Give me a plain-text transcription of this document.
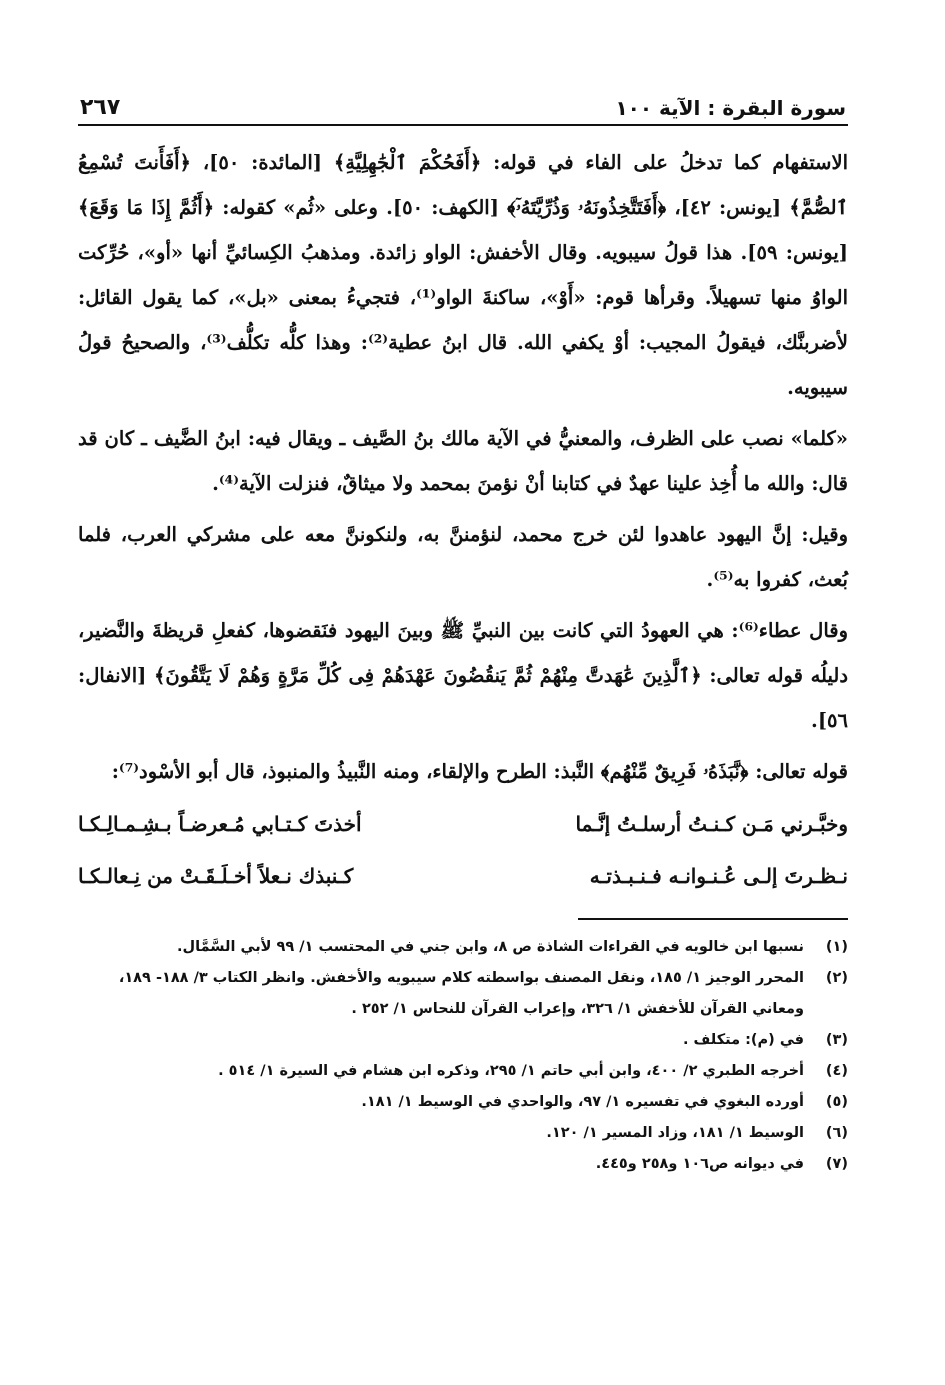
سورة البقرة : الآية ١٠٠
٢٦٧

الاستفهام كما تدخلُ على الفاء في قوله: ﴿أَفَحُكْمَ ٱلْجَٰهِلِيَّةِ﴾ [المائدة: ٥٠]، ﴿أَفَأَنتَ تُسْمِعُ ٱلصُّمَّ﴾ [يونس: ٤٢]، ﴿أَفَتَتَّخِذُونَهُۥ وَذُرِّيَّتَهُۥٓ﴾ [الكهف: ٥٠]. وعلى «ثُم» كقوله: ﴿أَثُمَّ إِذَا مَا وَقَعَ﴾ [يونس: ٥٩]. هذا قولُ سيبويه. وقال الأخفش: الواو زائدة. ومذهبُ الكِسائيِّ أنها «أو»، حُرِّكت الواوُ منها تسهيلاً. وقرأها قوم: «أَوْ»، ساكنةَ الواو⁽¹⁾، فتجيءُ بمعنى «بل»، كما يقول القائل: لأضربنَّك، فيقولُ المجيب: أوْ يكفي الله. قال ابنُ عطية⁽²⁾: وهذا كلُّه تكلُّف⁽³⁾، والصحيحُ قولُ سيبويه.

«كلما» نصب على الظرف، والمعنيُّ في الآية مالك بنُ الصَّيف ـ ويقال فيه: ابنُ الضَّيف ـ كان قد قال: والله ما أُخِذ علينا عهدٌ في كتابنا أنْ نؤمنَ بمحمد ولا ميثاقٌ، فنزلت الآية⁽⁴⁾.

وقيل: إنَّ اليهود عاهدوا لئن خرج محمد، لنؤمننَّ به، ولنكوننَّ معه على مشركي العرب، فلما بُعث، كفروا به⁽⁵⁾.

وقال عطاء⁽⁶⁾: هي العهودُ التي كانت بين النبيِّ ﷺ وبينَ اليهود فنَقضوها، كفعلِ قريظةَ والنَّضير، دليلُه قوله تعالى: ﴿ٱلَّذِينَ عَٰهَدتَّ مِنْهُمْ ثُمَّ يَنقُضُونَ عَهْدَهُمْ فِى كُلِّ مَرَّةٍ وَهُمْ لَا يَتَّقُونَ﴾ [الانفال: ٥٦].

قوله تعالى: ﴿نَّبَذَهُۥ فَرِيقٌ مِّنْهُم﴾ النَّبذ: الطرح والإلقاء، ومنه النَّبيذُ والمنبوذ، قال أبو الأسْود⁽⁷⁾:

وخبَّـرني مَـن كـنـتُ أرسلـتُ إنَّـما
أخذتَ كـتـابي مُـعرضـاً بـشِـمـالِـكـا
نـظـرتَ إلـى عُـنـوانـه فـنـبـذتـه
كـنبذك نـعلاً أخـلَـقَـتْ من نِـعالـكـا
(١)
نسبها ابن خالويه في القراءات الشاذة ص ٨، وابن جني في المحتسب ١/ ٩٩ لأبي السَّمَّال.
(٢)
المحرر الوجيز ١/ ١٨٥، ونقل المصنف بواسطته كلام سيبويه والأخفش. وانظر الكتاب ٣/ ١٨٨- ١٨٩، ومعاني القرآن للأخفش ١/ ٣٢٦، وإعراب القرآن للنحاس ١/ ٢٥٢ .
(٣)
في (م): متكلف .
(٤)
أخرجه الطبري ٢/ ٤٠٠، وابن أبي حاتم ١/ ٢٩٥، وذكره ابن هشام في السيرة ١/ ٥١٤ .
(٥)
أورده البغوي في تفسيره ١/ ٩٧، والواحدي في الوسيط ١/ ١٨١.
(٦)
الوسيط ١/ ١٨١، وزاد المسير ١/ ١٢٠.
(٧)
في ديوانه ص١٠٦ و٢٥٨ و٤٤٥.
